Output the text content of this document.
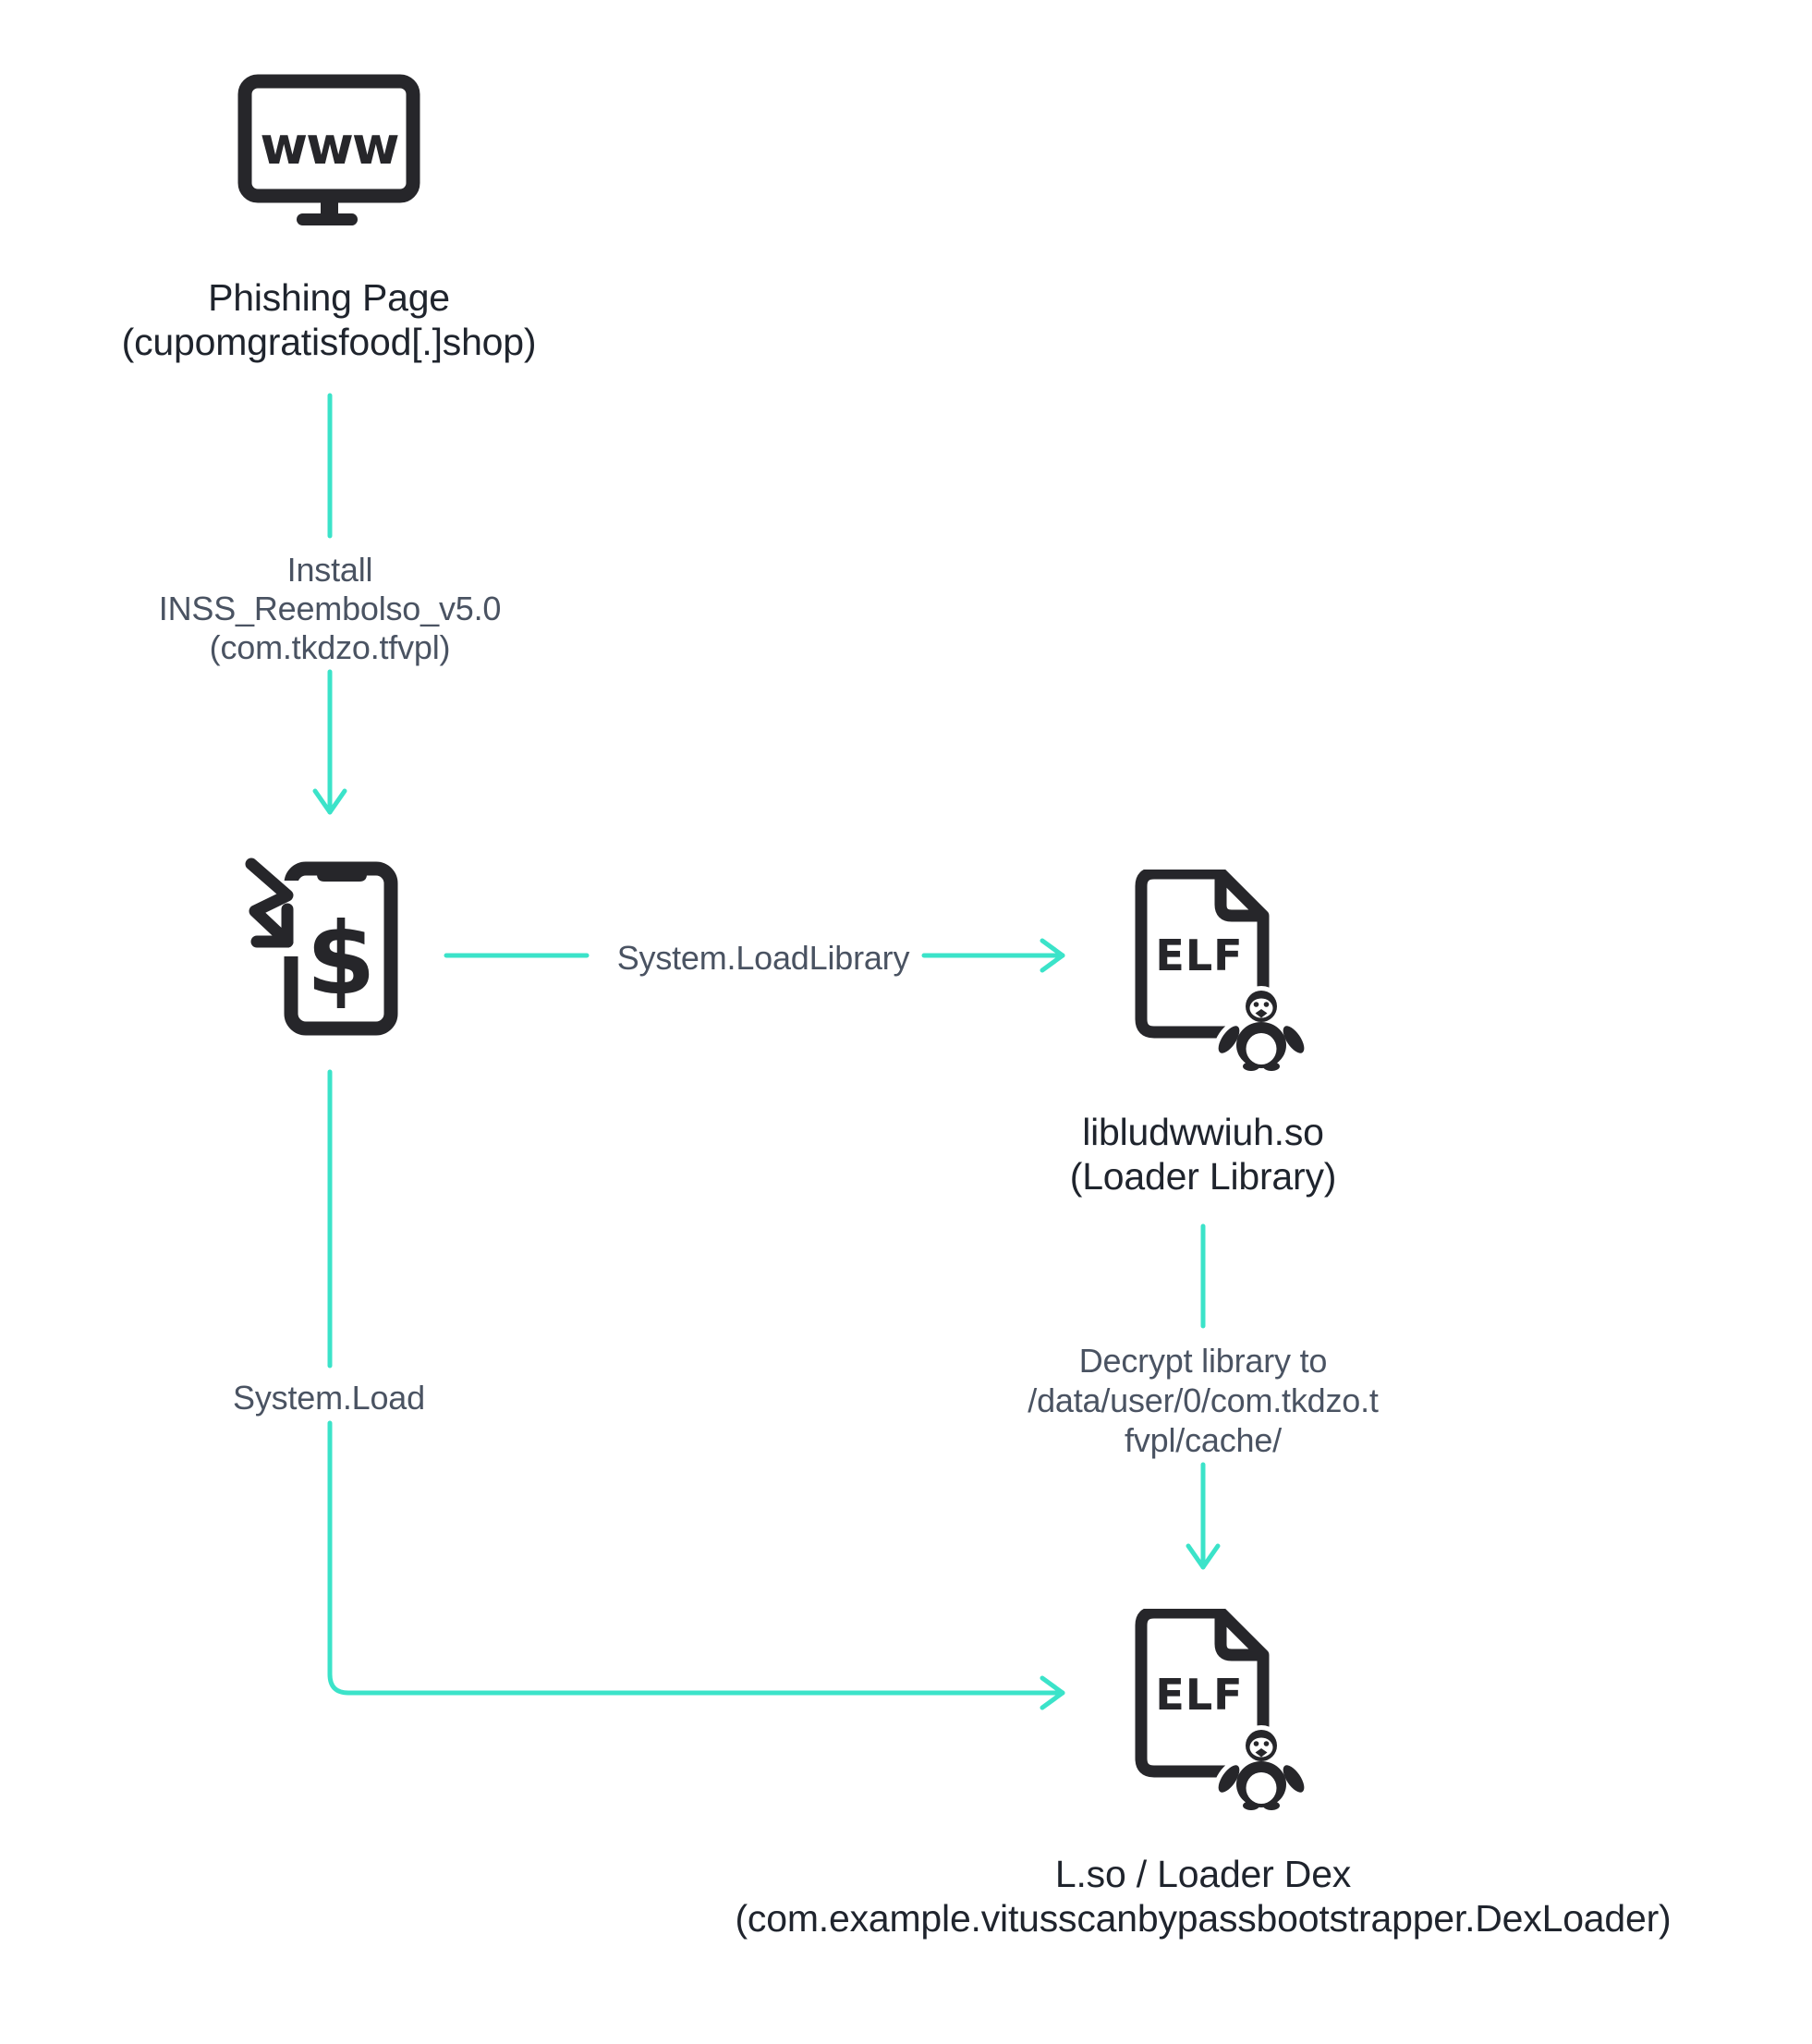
www
Phishing Page
(cupomgratisfood[.]shop)
Install
INSS_Reembolso_v5.0
(com.tkdzo.tfvpl)
$	System.LoadLibrary	ELF
libludwwiuh.so
(Loader Library)
Decrypt library to
/data/user/0/com.tkdzo.t
fvpl/cache/
System.Load
ELF
L.so / Loader Dex
(com.example.vitusscanbypassbootstrapper.DexLoader)
